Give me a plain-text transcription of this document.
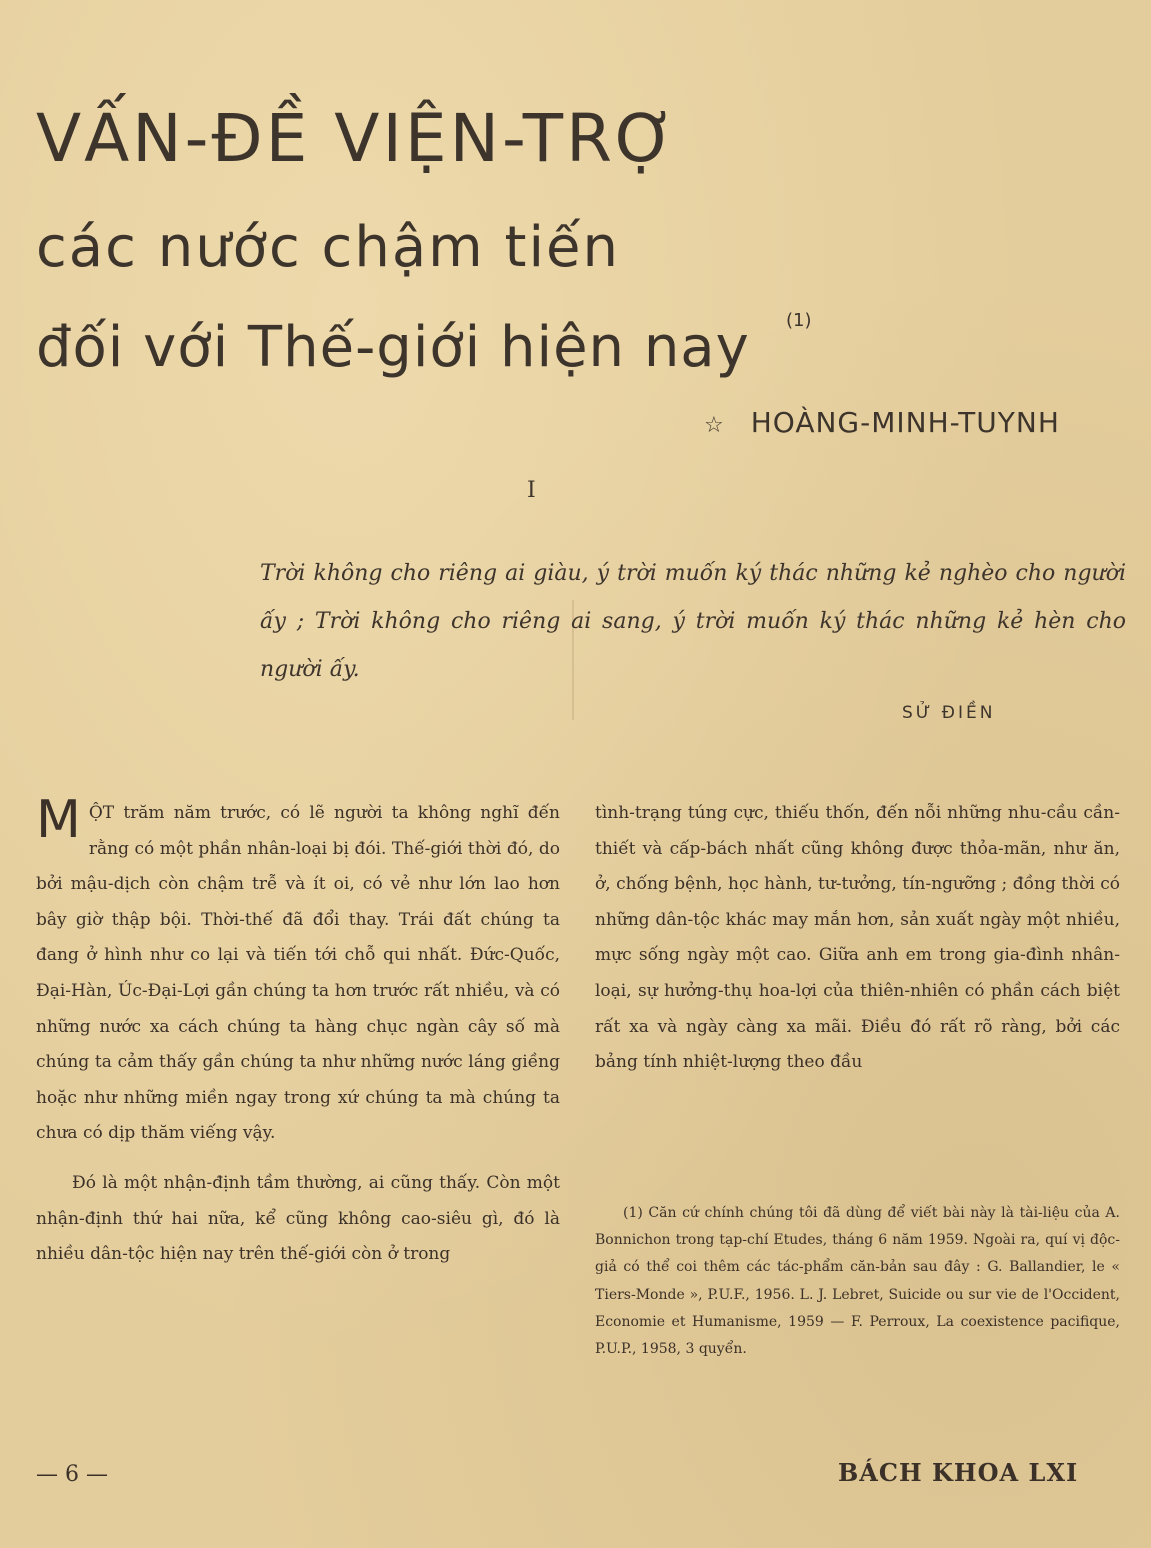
VẤN-ĐỀ VIỆN-TRỢ
các nước chậm tiến
đối với Thế-giới hiện nay (1)
☆ HOÀNG-MINH-TUYNH
I
Trời không cho riêng ai giàu, ý trời muốn ký thác những kẻ nghèo cho người ấy ; Trời không cho riêng ai sang, ý trời muốn ký thác những kẻ hèn cho người ấy.
SỬ ĐIỀN

MỘT trăm năm trước, có lẽ người ta không nghĩ đến rằng có một phần nhân-loại bị đói. Thế-giới thời đó, do bởi mậu-dịch còn chậm trễ và ít oi, có vẻ như lớn lao hơn bây giờ thập bội. Thời-thế đã đổi thay. Trái đất chúng ta đang ở hình như co lại và tiến tới chỗ qui nhất. Đức-Quốc, Đại-Hàn, Úc-Đại-Lợi gần chúng ta hơn trước rất nhiều, và có những nước xa cách chúng ta hàng chục ngàn cây số mà chúng ta cảm thấy gần chúng ta như những nước láng giềng hoặc như những miền ngay trong xứ chúng ta mà chúng ta chưa có dịp thăm viếng vậy.

Đó là một nhận-định tầm thường, ai cũng thấy. Còn một nhận-định thứ hai nữa, kể cũng không cao-siêu gì, đó là nhiều dân-tộc hiện nay trên thế-giới còn ở trong

tình-trạng túng cực, thiếu thốn, đến nỗi những nhu-cầu cần-thiết và cấp-bách nhất cũng không được thỏa-mãn, như ăn, ở, chống bệnh, học hành, tư-tưởng, tín-ngưỡng ; đồng thời có những dân-tộc khác may mắn hơn, sản xuất ngày một nhiều, mực sống ngày một cao. Giữa anh em trong gia-đình nhân-loại, sự hưởng-thụ hoa-lợi của thiên-nhiên có phần cách biệt rất xa và ngày càng xa mãi. Điều đó rất rõ ràng, bởi các bảng tính nhiệt-lượng theo đầu

(1) Căn cứ chính chúng tôi đã dùng để viết bài này là tài-liệu của A. Bonnichon trong tạp-chí Etudes, tháng 6 năm 1959. Ngoài ra, quí vị độc-giả có thể coi thêm các tác-phẩm căn-bản sau đây : G. Ballandier, le « Tiers-Monde », P.U.F., 1956. L. J. Lebret, Suicide ou sur vie de l'Occident, Economie et Humanisme, 1959 — F. Perroux, La coexistence pacifique, P.U.P., 1958, 3 quyển.
— 6 —	BÁCH KHOA LXI
